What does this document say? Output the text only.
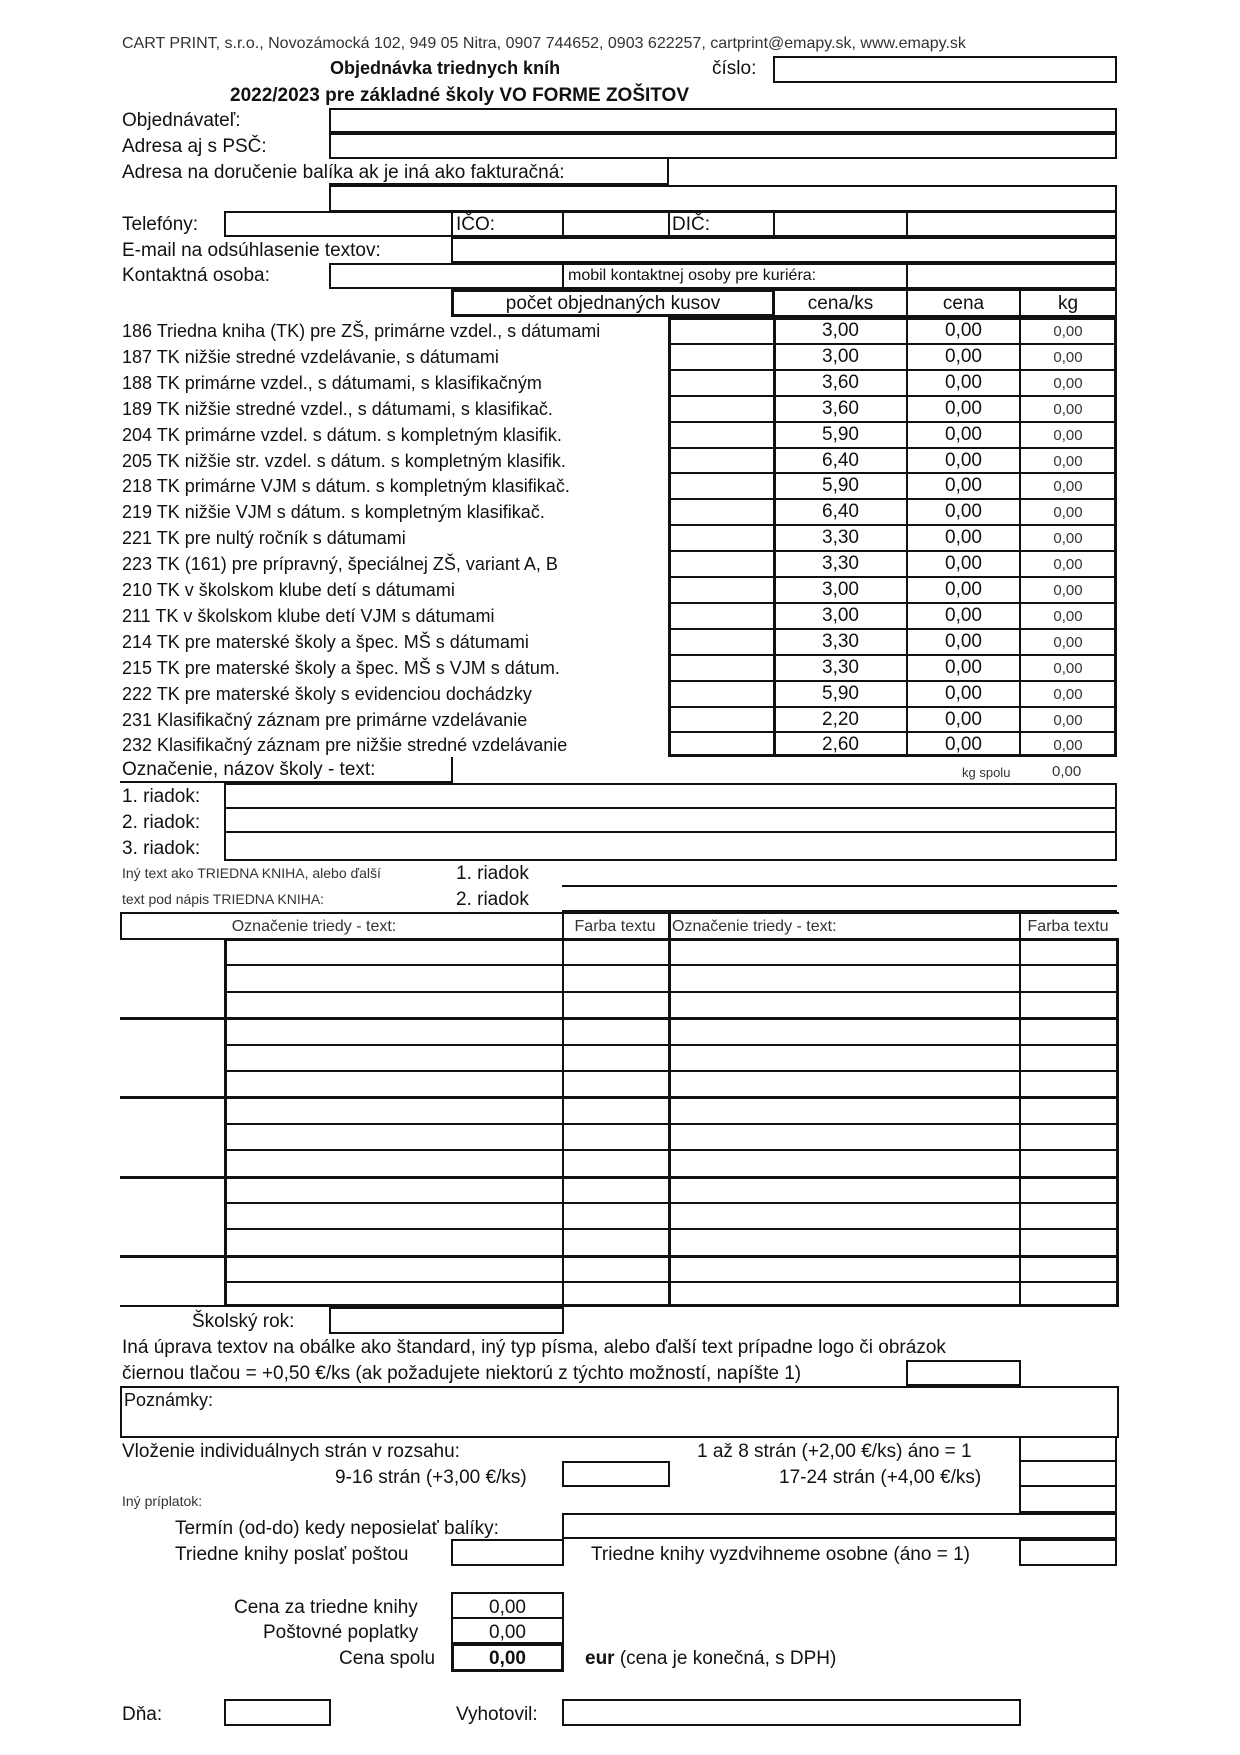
CART PRINT, s.r.o., Novozámocká 102, 949 05 Nitra, 0907 744652, 0903 622257, cartprint@emapy.sk, www.emapy.sk
Objednávka triednych kníh	číslo:
2022/2023 pre základné školy VO FORME ZOŠITOV
Objednávateľ:
Adresa aj s PSČ:
Adresa na doručenie balíka ak je iná ako fakturačná:
Telefóny:	IČO:	DIČ:
E-mail na odsúhlasenie textov:
Kontaktná osoba:	mobil kontaktnej osoby pre kuriéra:
počet objednaných kusov	cena/ks	cena	kg
186 Triedna kniha (TK) pre ZŠ, primárne vzdel., s dátumami	3,00	0,00	0,00
187 TK nižšie stredné vzdelávanie, s dátumami	3,00	0,00	0,00
188 TK primárne vzdel., s dátumami, s klasifikačným	3,60	0,00	0,00
189 TK nižšie stredné vzdel., s dátumami, s klasifikač.	3,60	0,00	0,00
204 TK primárne vzdel. s dátum. s kompletným klasifik.	5,90	0,00	0,00
205 TK nižšie str. vzdel. s dátum. s kompletným klasifik.	6,40	0,00	0,00
218 TK primárne VJM s dátum. s kompletným klasifikač.	5,90	0,00	0,00
219 TK nižšie VJM s dátum. s kompletným klasifikač.	6,40	0,00	0,00
221 TK pre nultý ročník s dátumami	3,30	0,00	0,00
223 TK (161) pre prípravný, špeciálnej ZŠ, variant A, B	3,30	0,00	0,00
210 TK v školskom klube detí s dátumami	3,00	0,00	0,00
211 TK v školskom klube detí VJM s dátumami	3,00	0,00	0,00
214 TK pre materské školy a špec. MŠ s dátumami	3,30	0,00	0,00
215 TK pre materské školy a špec. MŠ s VJM s dátum.	3,30	0,00	0,00
222 TK pre materské školy s evidenciou dochádzky	5,90	0,00	0,00
231 Klasifikačný záznam pre primárne vzdelávanie	2,20	0,00	0,00
232 Klasifikačný záznam pre nižšie stredné vzdelávanie	2,60	0,00	0,00
Označenie, názov školy - text:	kg spolu	0,00
1. riadok:
2. riadok:
3. riadok:
Iný text ako TRIEDNA KNIHA, alebo ďalší	1. riadok
text pod nápis TRIEDNA KNIHA:	2. riadok
Označenie triedy - text:	Farba textu	Označenie triedy - text:	Farba textu
Školský rok:
Iná úprava textov na obálke ako štandard, iný typ písma, alebo ďalší text prípadne logo či obrázok
čiernou tlačou = +0,50 €/ks (ak požadujete niektorú z týchto možností, napíšte 1)
Poznámky:
Vloženie individuálnych strán v rozsahu:	1 až 8 strán (+2,00 €/ks) áno = 1
9-16 strán (+3,00 €/ks)	17-24 strán (+4,00 €/ks)
Iný príplatok:
Termín (od-do) kedy neposielať balíky:
Triedne knihy poslať poštou	Triedne knihy vyzdvihneme osobne (áno = 1)
Cena za triedne knihy	0,00
Poštovné poplatky	0,00
Cena spolu	0,00	eur (cena je konečná, s DPH)
Dňa:	Vyhotovil:
